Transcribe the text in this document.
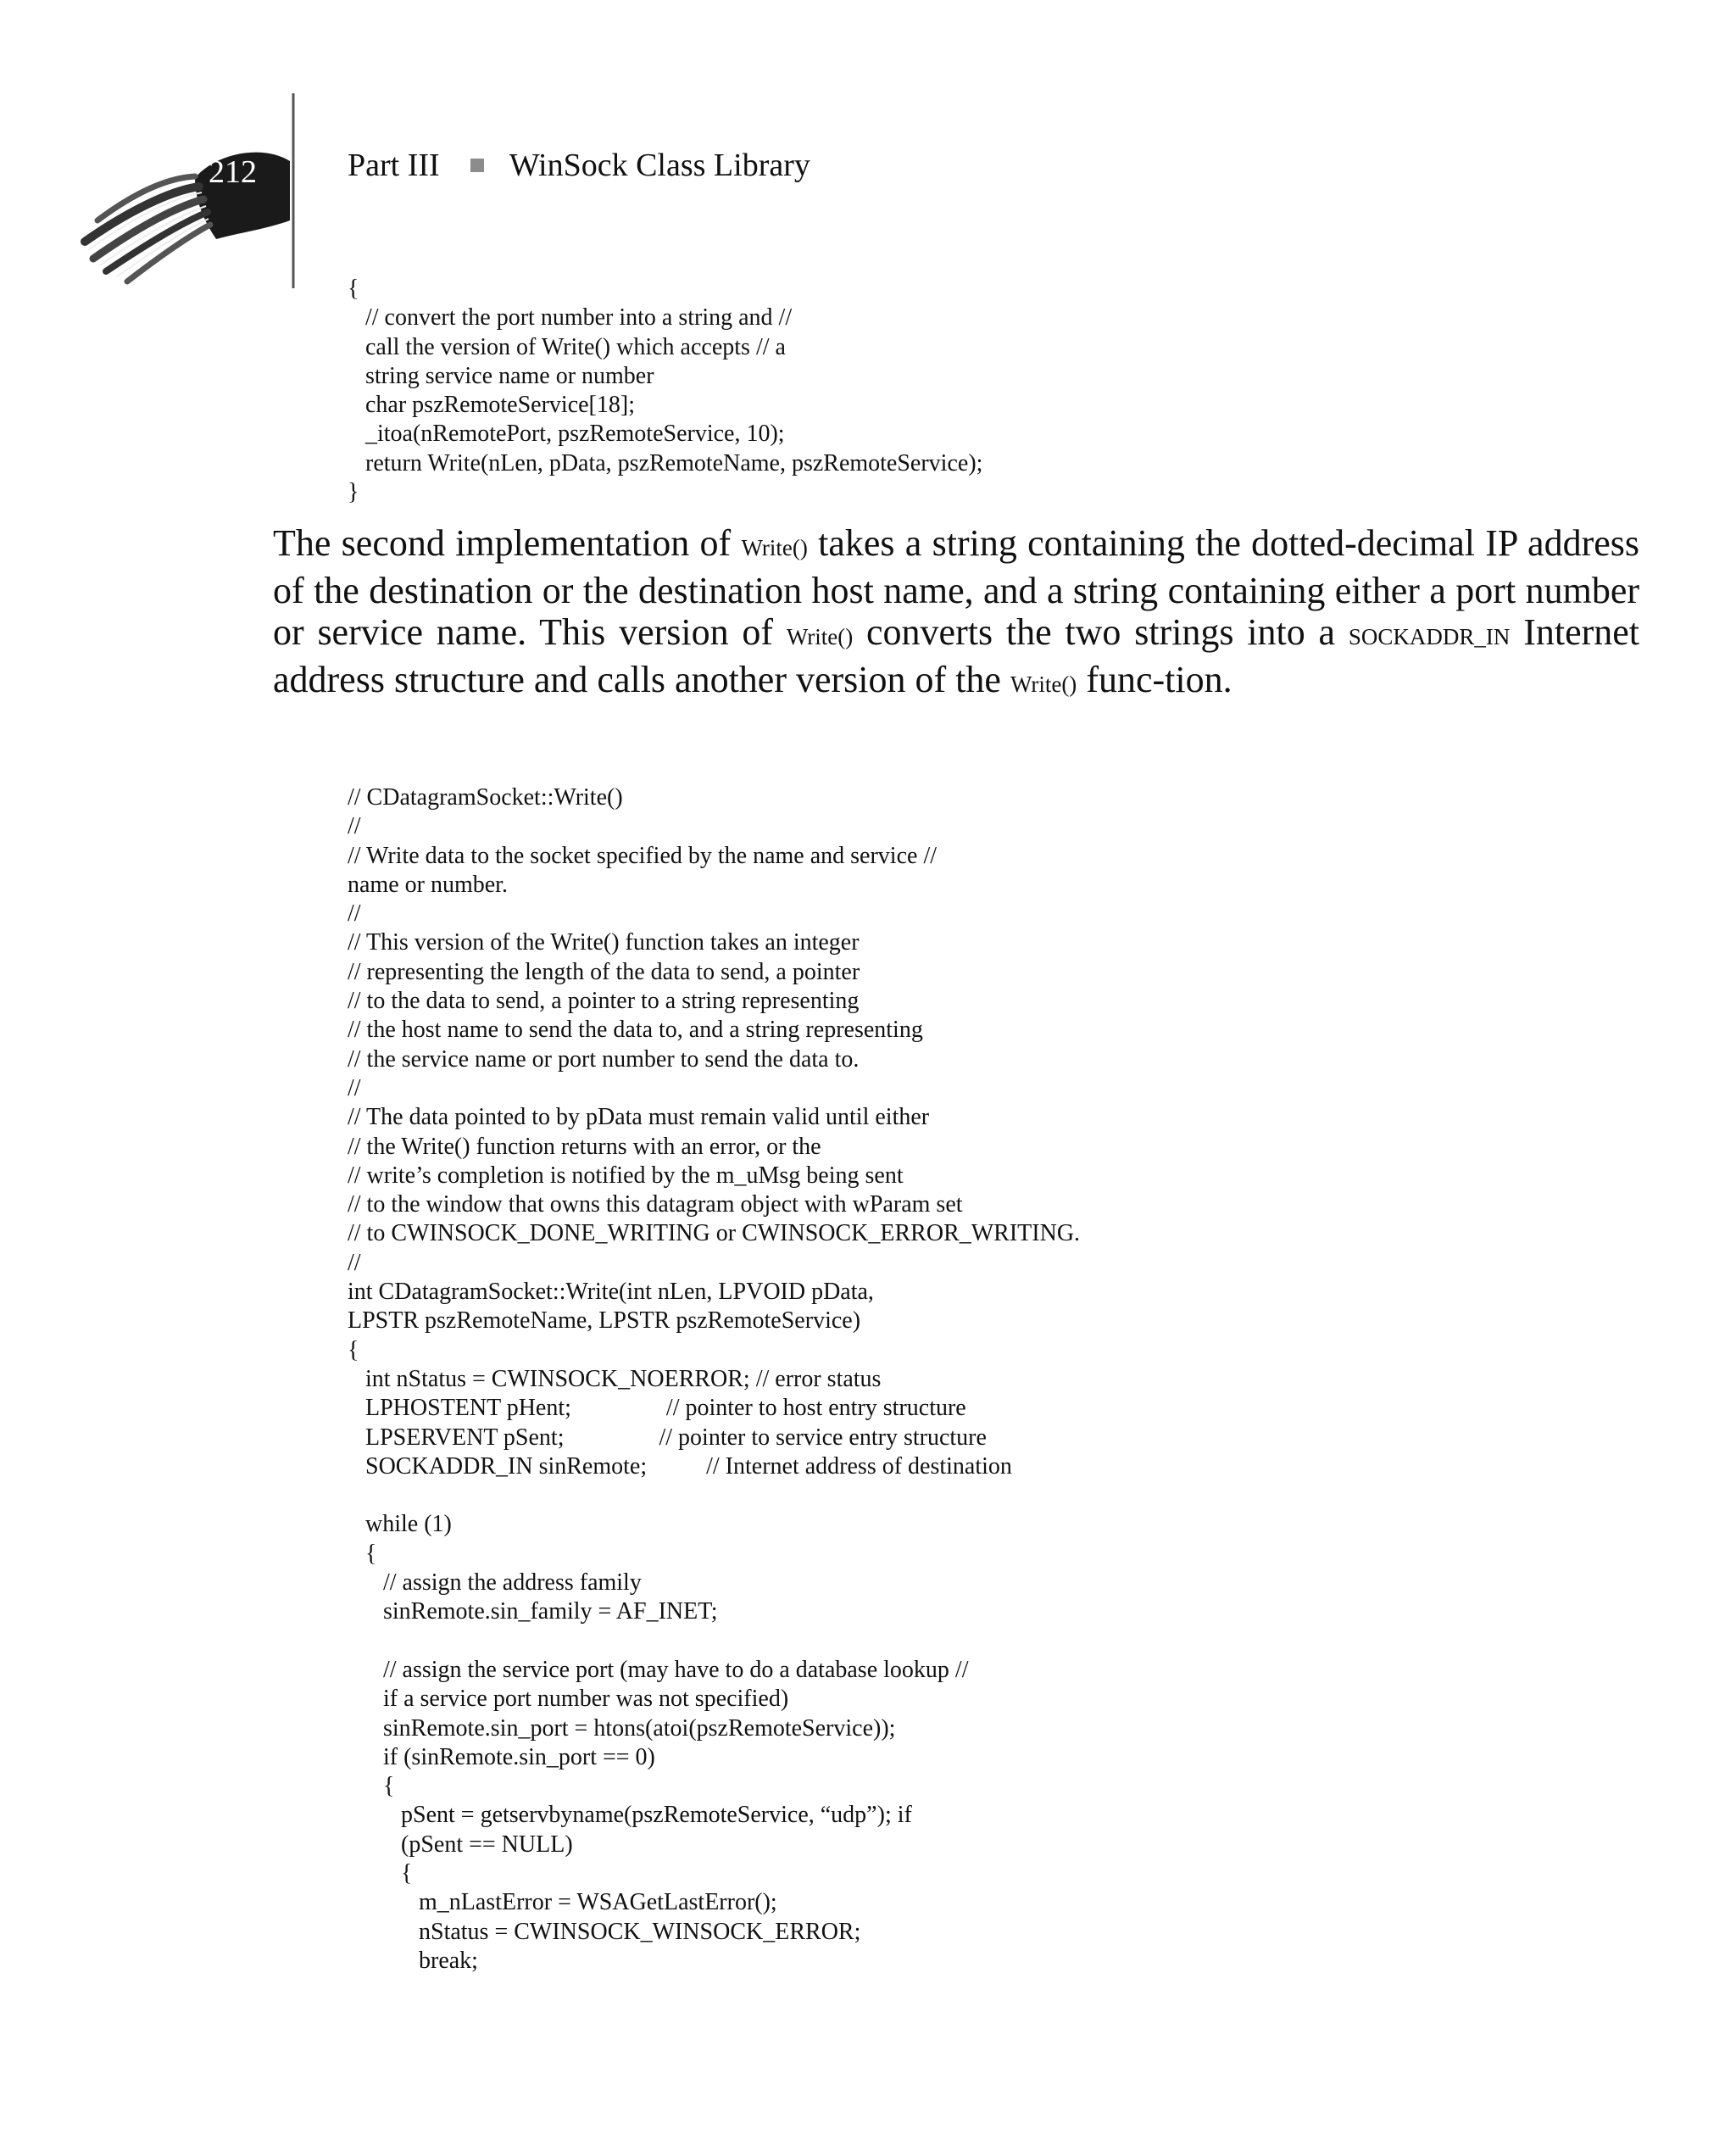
212	Part III WinSock Class Library
{
// convert the port number into a string and //
call the version of Write() which accepts // a
string service name or number
char pszRemoteService[18];
_itoa(nRemotePort, pszRemoteService, 10);
return Write(nLen, pData, pszRemoteName, pszRemoteService);
}

The second implementation of Write() takes a string containing the dotted-decimal IP address of the destination or the destination host name, and a string containing either a port number or service name. This version of Write() converts the two strings into a SOCKADDR_IN Internet address structure and calls another version of the Write() func-tion.

// CDatagramSocket::Write()
//
// Write data to the socket specified by the name and service //
name or number.
//
// This version of the Write() function takes an integer
// representing the length of the data to send, a pointer
// to the data to send, a pointer to a string representing
// the host name to send the data to, and a string representing
// the service name or port number to send the data to.
//
// The data pointed to by pData must remain valid until either
// the Write() function returns with an error, or the
// write’s completion is notified by the m_uMsg being sent
// to the window that owns this datagram object with wParam set
// to CWINSOCK_DONE_WRITING or CWINSOCK_ERROR_WRITING.
//
int CDatagramSocket::Write(int nLen, LPVOID pData,
LPSTR pszRemoteName, LPSTR pszRemoteService)
{
int nStatus = CWINSOCK_NOERROR; // error status
LPHOSTENT pHent;                // pointer to host entry structure
LPSERVENT pSent;                // pointer to service entry structure
SOCKADDR_IN sinRemote;          // Internet address of destination

while (1)
{
// assign the address family
sinRemote.sin_family = AF_INET;

// assign the service port (may have to do a database lookup //
if a service port number was not specified)
sinRemote.sin_port = htons(atoi(pszRemoteService));
if (sinRemote.sin_port == 0)
{
pSent = getservbyname(pszRemoteService, “udp”); if
(pSent == NULL)
{
m_nLastError = WSAGetLastError();
nStatus = CWINSOCK_WINSOCK_ERROR;
break;
